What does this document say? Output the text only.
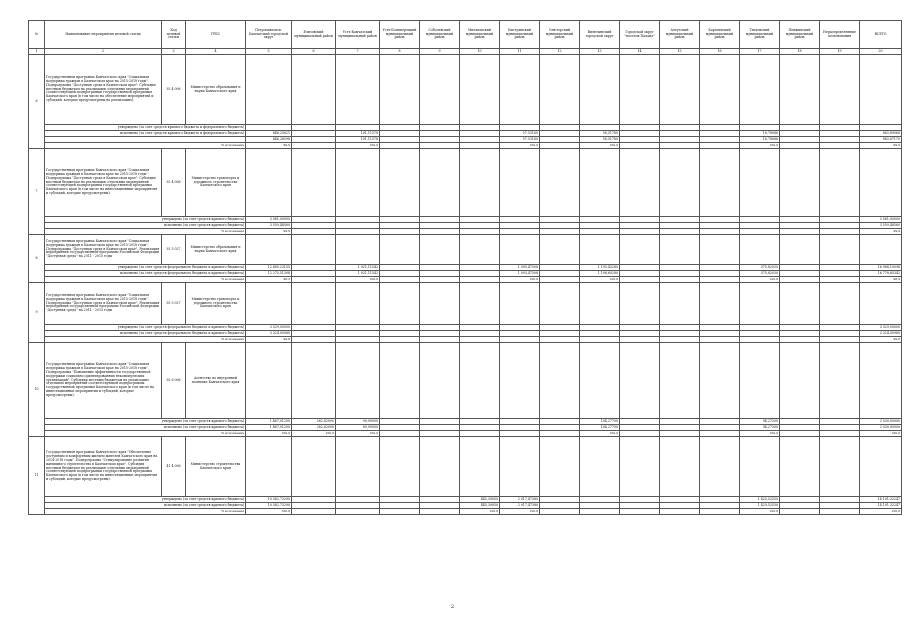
№	Наименование мероприятия целевой статьи	Код целевой статьи	ГРБС	Петропавловск-Камчатский городской округ	Елизовский муниципальный район	Усть-Камчатский муниципальный район	Усть-Большерецкий муниципальный район	Соболевский муниципальный район	Мильковский муниципальный район	Быстринский муниципальный район	Олюторский муниципальный район	Вилючинский городской округ	Городской округ "поселок Палана"	Алеутский муниципальный район	Карагинский муниципальный район	Тигильский муниципальный район	Пенжинский муниципальный район	Нераспределенные ассигнования	ВСЕГО
1	2	3	4	5	6	7	8	9	10	11	12	13	14	15	16	17	18	19	20
6	Государственная программа Камчатского края "Социальная поддержка граждан в Камчатском крае на 2015-2018 годы". Подпрограмма "Доступная среда в Камчатском крае". Субсидии местным бюджетам на реализацию отдельных мероприятий соответствующей подпрограммы государственной программы Камчатского края (в том числе на обеспечение мероприятий и субсидий, которые предусмотрены на реализацию).	35 4 006	Министерство образования и науки Камчатского края																
	утверждено (за счет средств краевого бюджета и федерального бюджета)																		
	исполнено (за счет средств краевого бюджета и федерального бюджета)			646,25621		101,11578				57,53160		58,51780				18,78086			883,89066
				646,26598		101,11578				57,53160		58,51780				18,78086			883,87170
	% исполнения			99,9		100,0				100,0		100,0				100,0			99,9
7	Государственная программа Камчатского края "Социальная поддержка граждан в Камчатском крае на 2015-2018 годы". Подпрограмма "Доступная среда в Камчатском крае". Субсидии местным бюджетам на реализацию отдельных мероприятий соответствующей подпрограммы государственной программы Камчатского края (в том числе на инвестиционные мероприятия и субсидий, которые предусмотрены).	35 4 006	Министерство транспорта и дорожного строительства Камчатского края																
	утверждено (за счет средств краевого бюджета)			3 561,00000															3 561,00000
	исполнено (за счет средств краевого бюджета)			3 559,48560															3 559,48560
	% исполнения			99,9															99,9
8	Государственная программа Камчатского края "Социальная поддержка граждан в Камчатском крае на 2015-2018 годы". Подпрограмма "Доступная среда в Камчатском крае". Реализация мероприятий государственной программы Российской Федерации "Доступная среда" на 2011 - 2015 годы	35 5 027	Министерство образования и науки Камчатского края																
	утверждено (за счет средств федерального бюджета и краевого бюджета)			12 480,23155		1 921,11542				1 095,47508		1 195,43280				375,82030			16 968,10098
	исполнено (за счет средств федерального бюджета и краевого бюджета)			12 275,51308		1 921,11542				1 093,47508		1 198,69280				375,82030			16 778,65342
	% исполнения			98,3		100,0				100,0		100,0				100,0			98,9
9	Государственная программа Камчатского края "Социальная поддержка граждан в Камчатском крае на 2015-2018 годы". Подпрограмма "Доступная среда в Камчатском крае". Реализация мероприятий государственной программы Российской Федерации "Доступная среда" на 2011 - 2015 годы	35 5 027	Министерство транспорта и дорожного строительства Камчатского края																
	утверждено (за счет средств федерального бюджета и краевого бюджета)			3 329,50000															3 329,50000
	исполнено (за счет средств федерального бюджета и краевого бюджета)			3 324,00960															3 324,00960
	% исполнения			99,8															99,8
10	Государственная программа Камчатского края "Социальная поддержка граждан в Камчатском крае на 2015-2018 годы". Подпрограмма "Повышение эффективности государственной поддержки социально ориентированных некоммерческих организаций". Субсидии местным бюджетам на реализацию отдельных мероприятий соответствующей подпрограммы государственной программы Камчатского края (в том числе на инвестиционные мероприятия и субсидий, которые предусмотрены).	35 6 006	Агентство по внутренней политике Камчатского края																
	утверждено (за счет средств краевого бюджета)			1 467,01200	262,82000	90,90000						104,27700				94,27300			2 030,00000
	исполнено (за счет средств краевого бюджета)			1 467,01200	262,82000	89,90000						104,27700				94,27300			2 030,00000
	% исполнения			100,0	100,0	100,0						100,0				100,0			100,0
11	Государственная программа Камчатского края "Обеспечение доступным и комфортным жильем жителей Камчатского края на 2014-2018 годы". Подпрограмма "Стимулирование развития жилищного строительства в Камчатском крае". Субсидии местным бюджетам на реализацию отдельных мероприятий соответствующей подпрограммы государственной программы Камчатского края (в том числе на инвестиционные мероприятия и субсидий, которые предусмотрены).	41 4 006	Министерство строительства Камчатского края																
	утверждено (за счет средств краевого бюджета)			10 382,73290					445,39050	2 017,47380						1 425,52550			14 191,32247
	исполнено (за счет средств краевого бюджета)			10 382,73290					445,39050	2 017,47380						1 425,52550			14 191,32247
	% исполнения			100,0					100,0	100,0						100,0			100,0
2
